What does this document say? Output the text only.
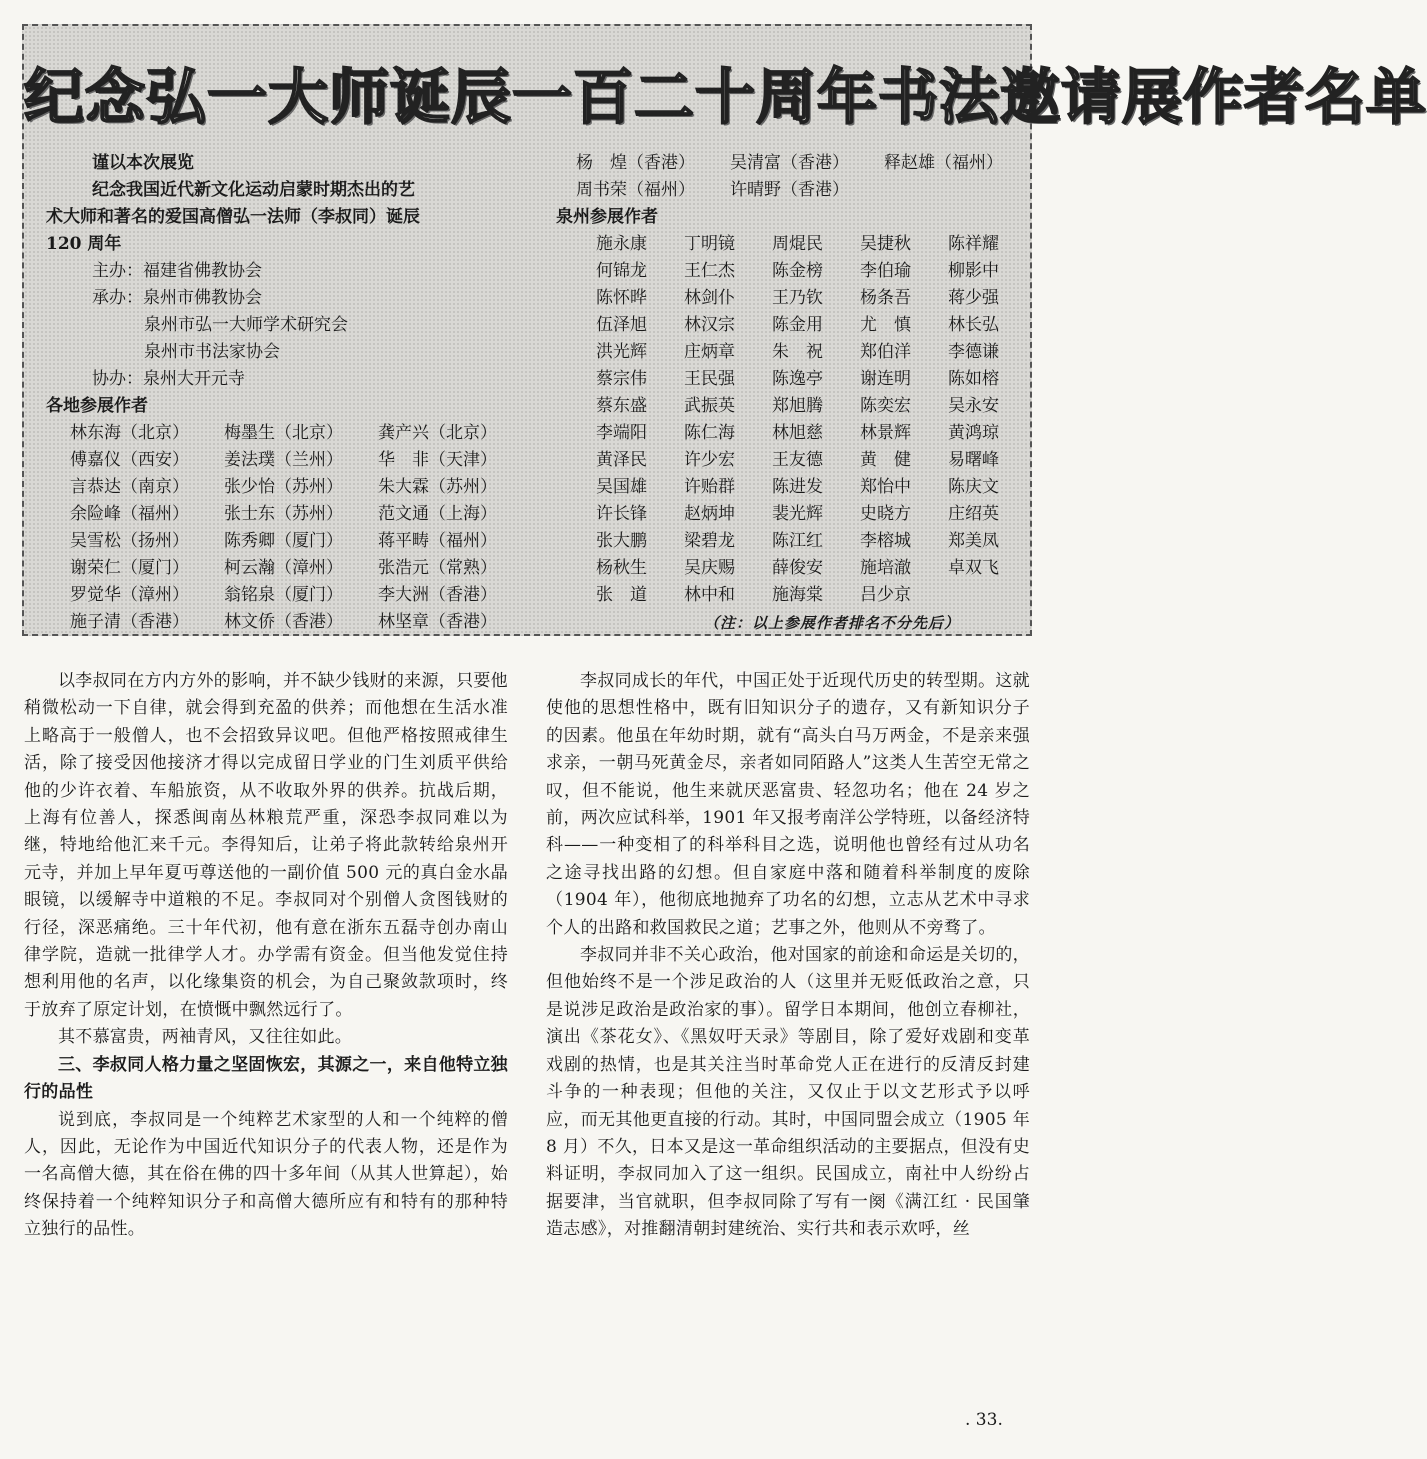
纪念弘一大师诞辰一百二十周年书法邀请展作者名单

谨以本次展览

纪念我国近代新文化运动启蒙时期杰出的艺

术大师和著名的爱国高僧弘一法师（李叔同）诞辰

120 周年

主办：福建省佛教协会

承办：泉州市佛教协会

泉州市弘一大师学术研究会

泉州市书法家协会

协办：泉州大开元寺

各地参展作者

林东海（北京） 梅墨生（北京） 龚产兴（北京）
傅嘉仪（西安） 姜法璞（兰州） 华　非（天津）
言恭达（南京） 张少怡（苏州） 朱大霖（苏州）
余险峰（福州） 张士东（苏州） 范文通（上海）
吴雪松（扬州） 陈秀卿（厦门） 蒋平畴（福州）
谢荣仁（厦门） 柯云瀚（漳州） 张浩元（常熟）
罗觉华（漳州） 翁铭泉（厦门） 李大洲（香港）
施子清（香港） 林文侨（香港） 林坚章（香港）
杨　煌（香港） 吴清富（香港） 释赵雄（福州）
周书荣（福州） 许晴野（香港）

泉州参展作者

施永康 丁明镜 周焜民 吴捷秋 陈祥耀
何锦龙 王仁杰 陈金榜 李伯瑜 柳影中
陈怀晔 林剑仆 王乃钦 杨条吾 蒋少强
伍泽旭 林汉宗 陈金用 尤　慎 林长弘
洪光辉 庄炳章 朱　祝 郑伯洋 李德谦
蔡宗伟 王民强 陈逸亭 谢连明 陈如榕
蔡东盛 武振英 郑旭腾 陈奕宏 吴永安
李端阳 陈仁海 林旭慈 林景辉 黄鸿琼
黄泽民 许少宏 王友德 黄　健 易曙峰
吴国雄 许贻群 陈进发 郑怡中 陈庆文
许长锋 赵炳坤 裴光辉 史晓方 庄绍英
张大鹏 梁碧龙 陈江红 李榕城 郑美凤
杨秋生 吴庆赐 薛俊安 施培澈 卓双飞
张　道 林中和 施海棠 吕少京
（注：以上参展作者排名不分先后）

以李叔同在方内方外的影响，并不缺少钱财的来源，只要他稍微松动一下自律，就会得到充盈的供养；而他想在生活水准上略高于一般僧人，也不会招致异议吧。但他严格按照戒律生活，除了接受因他接济才得以完成留日学业的门生刘质平供给他的少许衣着、车船旅资，从不收取外界的供养。抗战后期，上海有位善人，探悉闽南丛林粮荒严重，深恐李叔同难以为继，特地给他汇来千元。李得知后，让弟子将此款转给泉州开元寺，并加上早年夏丏尊送他的一副价值 500 元的真白金水晶眼镜，以缓解寺中道粮的不足。李叔同对个别僧人贪图钱财的行径，深恶痛绝。三十年代初，他有意在浙东五磊寺创办南山律学院，造就一批律学人才。办学需有资金。但当他发觉住持想利用他的名声，以化缘集资的机会，为自己聚敛款项时，终于放弃了原定计划，在愤慨中飘然远行了。

其不慕富贵，两袖青风，又往往如此。

三、李叔同人格力量之坚固恢宏，其源之一，来自他特立独行的品性

说到底，李叔同是一个纯粹艺术家型的人和一个纯粹的僧人，因此，无论作为中国近代知识分子的代表人物，还是作为一名高僧大德，其在俗在佛的四十多年间（从其人世算起），始终保持着一个纯粹知识分子和高僧大德所应有和特有的那种特立独行的品性。

李叔同成长的年代，中国正处于近现代历史的转型期。这就使他的思想性格中，既有旧知识分子的遗存，又有新知识分子的因素。他虽在年幼时期，就有“高头白马万两金，不是亲来强求亲，一朝马死黄金尽，亲者如同陌路人”这类人生苦空无常之叹，但不能说，他生来就厌恶富贵、轻忽功名；他在 24 岁之前，两次应试科举，1901 年又报考南洋公学特班，以备经济特科——一种变相了的科举科目之选，说明他也曾经有过从功名之途寻找出路的幻想。但自家庭中落和随着科举制度的废除（1904 年），他彻底地抛弃了功名的幻想，立志从艺术中寻求个人的出路和救国救民之道；艺事之外，他则从不旁骛了。

李叔同并非不关心政治，他对国家的前途和命运是关切的，但他始终不是一个涉足政治的人（这里并无贬低政治之意，只是说涉足政治是政治家的事）。留学日本期间，他创立春柳社，演出《茶花女》、《黑奴吁天录》等剧目，除了爱好戏剧和变革戏剧的热情，也是其关注当时革命党人正在进行的反清反封建斗争的一种表现；但他的关注，又仅止于以文艺形式予以呼应，而无其他更直接的行动。其时，中国同盟会成立（1905 年 8 月）不久，日本又是这一革命组织活动的主要据点，但没有史料证明，李叔同加入了这一组织。民国成立，南社中人纷纷占据要津，当官就职，但李叔同除了写有一阕《满江红 · 民国肇造志感》，对推翻清朝封建统治、实行共和表示欢呼，丝

. 33.
